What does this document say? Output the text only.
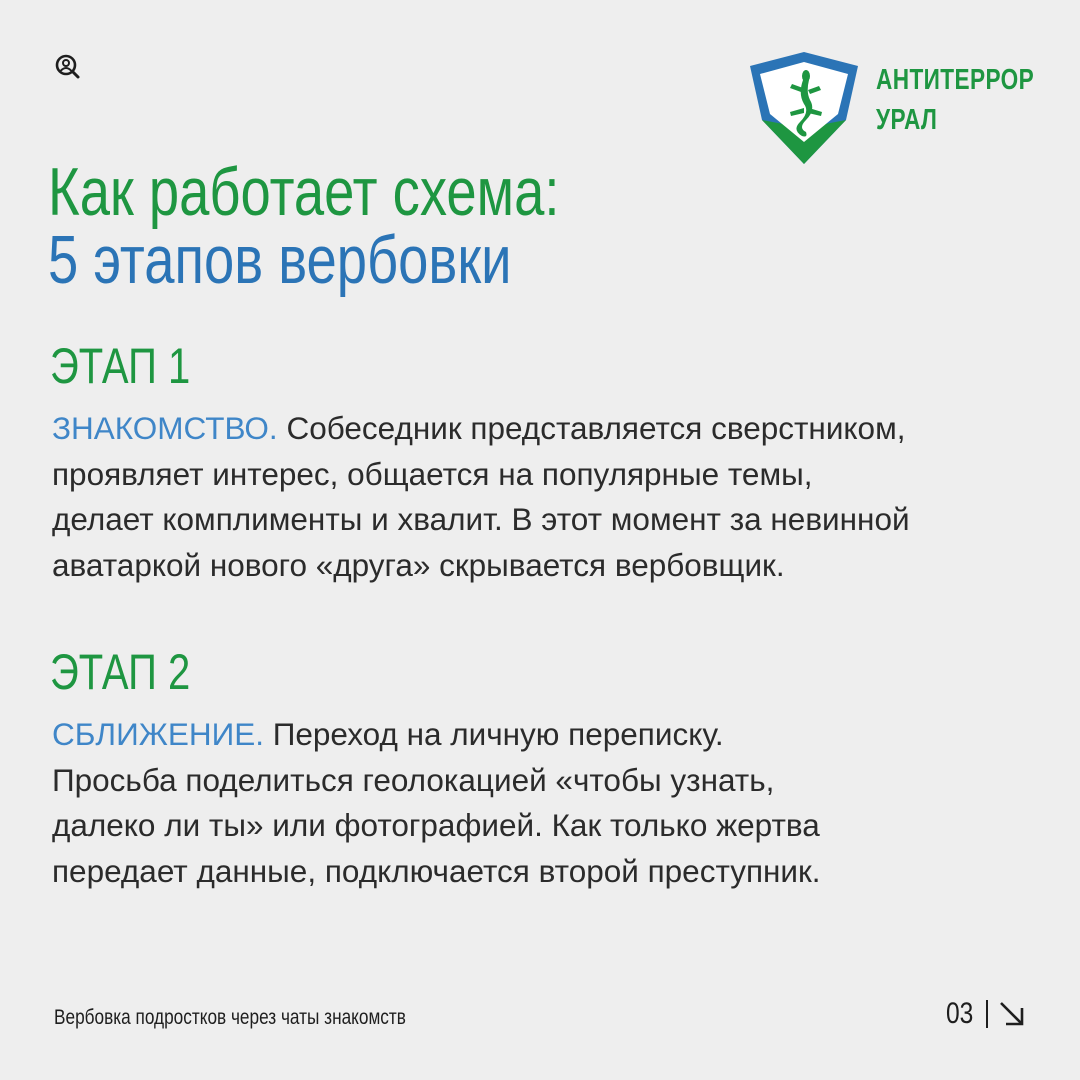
АНТИТЕРРОР
УРАЛ
Как работает схема:
5 этапов вербовки
ЭТАП 1

ЗНАКОМСТВО. Собеседник представляется сверстником,
проявляет интерес, общается на популярные темы,
делает комплименты и хвалит. В этот момент за невинной
аватаркой нового «друга» скрывается вербовщик.

ЭТАП 2

СБЛИЖЕНИЕ. Переход на личную переписку.
Просьба поделиться геолокацией «чтобы узнать,
далеко ли ты» или фотографией. Как только жертва
передает данные, подключается второй преступник.

Вербовка подростков через чаты знакомств	03
